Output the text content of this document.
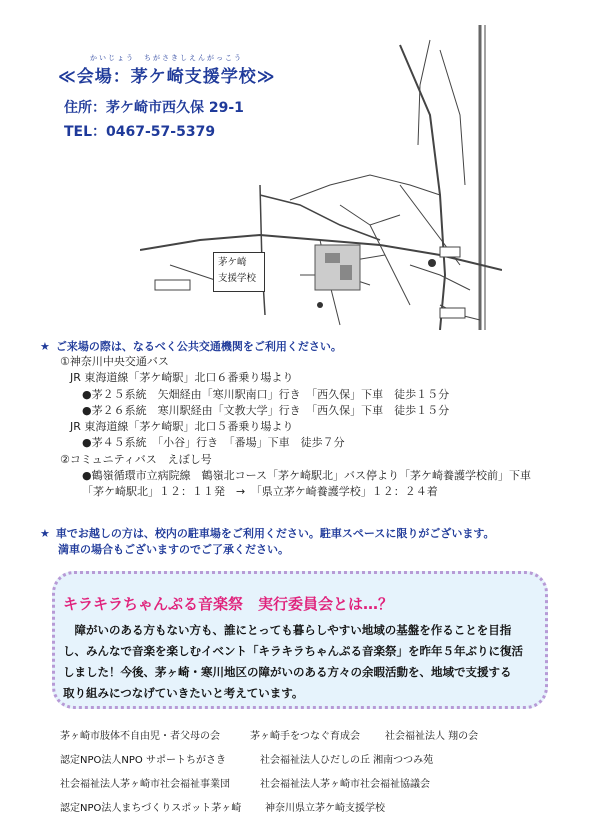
かいじょう　ちがさきしえんがっこう
≪会場：茅ケ崎支援学校≫
住所：茅ケ崎市西久保 29-1
TEL：0467-57-5379
茅ケ崎
支援学校
★ ご来場の際は、なるべく公共交通機関をご利用ください。
①神奈川中央交通バス
JR 東海道線「茅ケ崎駅」北口６番乗り場より
●茅２５系統　矢畑経由「寒川駅南口」行き　「西久保」下車　徒歩１５分
●茅２６系統　寒川駅経由「文教大学」行き　「西久保」下車　徒歩１５分
JR 東海道線「茅ケ崎駅」北口５番乗り場より
●茅４５系統　「小谷」行き　「番場」下車　徒歩７分
②コミュニティバス　えぼし号
●鶴嶺循環市立病院線　鶴嶺北コース「茅ケ崎駅北」バス停より「茅ケ崎養護学校前」下車
「茅ケ崎駅北」１２：１１発　→　「県立茅ケ崎養護学校」１２：２４着
★ 車でお越しの方は、校内の駐車場をご利用ください。駐車スペースに限りがございます。
満車の場合もございますのでご了承ください。
キラキラちゃんぷる音楽祭　実行委員会とは…？
　障がいのある方もない方も、誰にとっても暮らしやすい地域の基盤を作ることを目指
し、みんなで音楽を楽しむイベント「キラキラちゃんぷる音楽祭」を昨年５年ぶりに復活
しました！今後、茅ヶ崎・寒川地区の障がいのある方々の余暇活動を、地域で支援する
取り組みにつなげていきたいと考えています。
茅ヶ崎市肢体不自由児・者父母の会	茅ヶ崎手をつなぐ育成会	社会福祉法人 翔の会
認定NPO法人NPO サポートちがさき	社会福祉法人ひだしの丘 湘南つつみ苑
社会福祉法人茅ヶ崎市社会福祉事業団	社会福祉法人茅ヶ崎市社会福祉協議会
認定NPO法人まちづくりスポット茅ヶ崎 神奈川県立茅ケ崎支援学校
